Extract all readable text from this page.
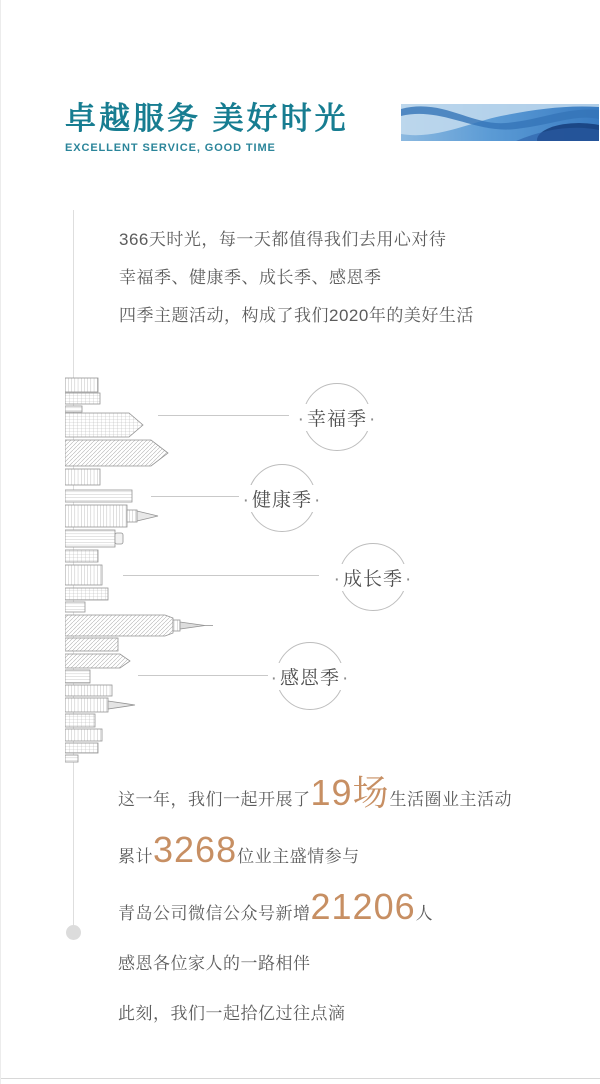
卓越服务 美好时光
EXCELLENT SERVICE, GOOD TIME
366天时光，每一天都值得我们去用心对待
幸福季、健康季、成长季、感恩季
四季主题活动，构成了我们2020年的美好生活
· 幸福季 ·
· 健康季 ·
· 成长季 ·
· 感恩季 ·
这一年，我们一起开展了19场生活圈业主活动
累计3268位业主盛情参与
青岛公司微信公众号新增21206人
感恩各位家人的一路相伴
此刻，我们一起拾亿过往点滴
